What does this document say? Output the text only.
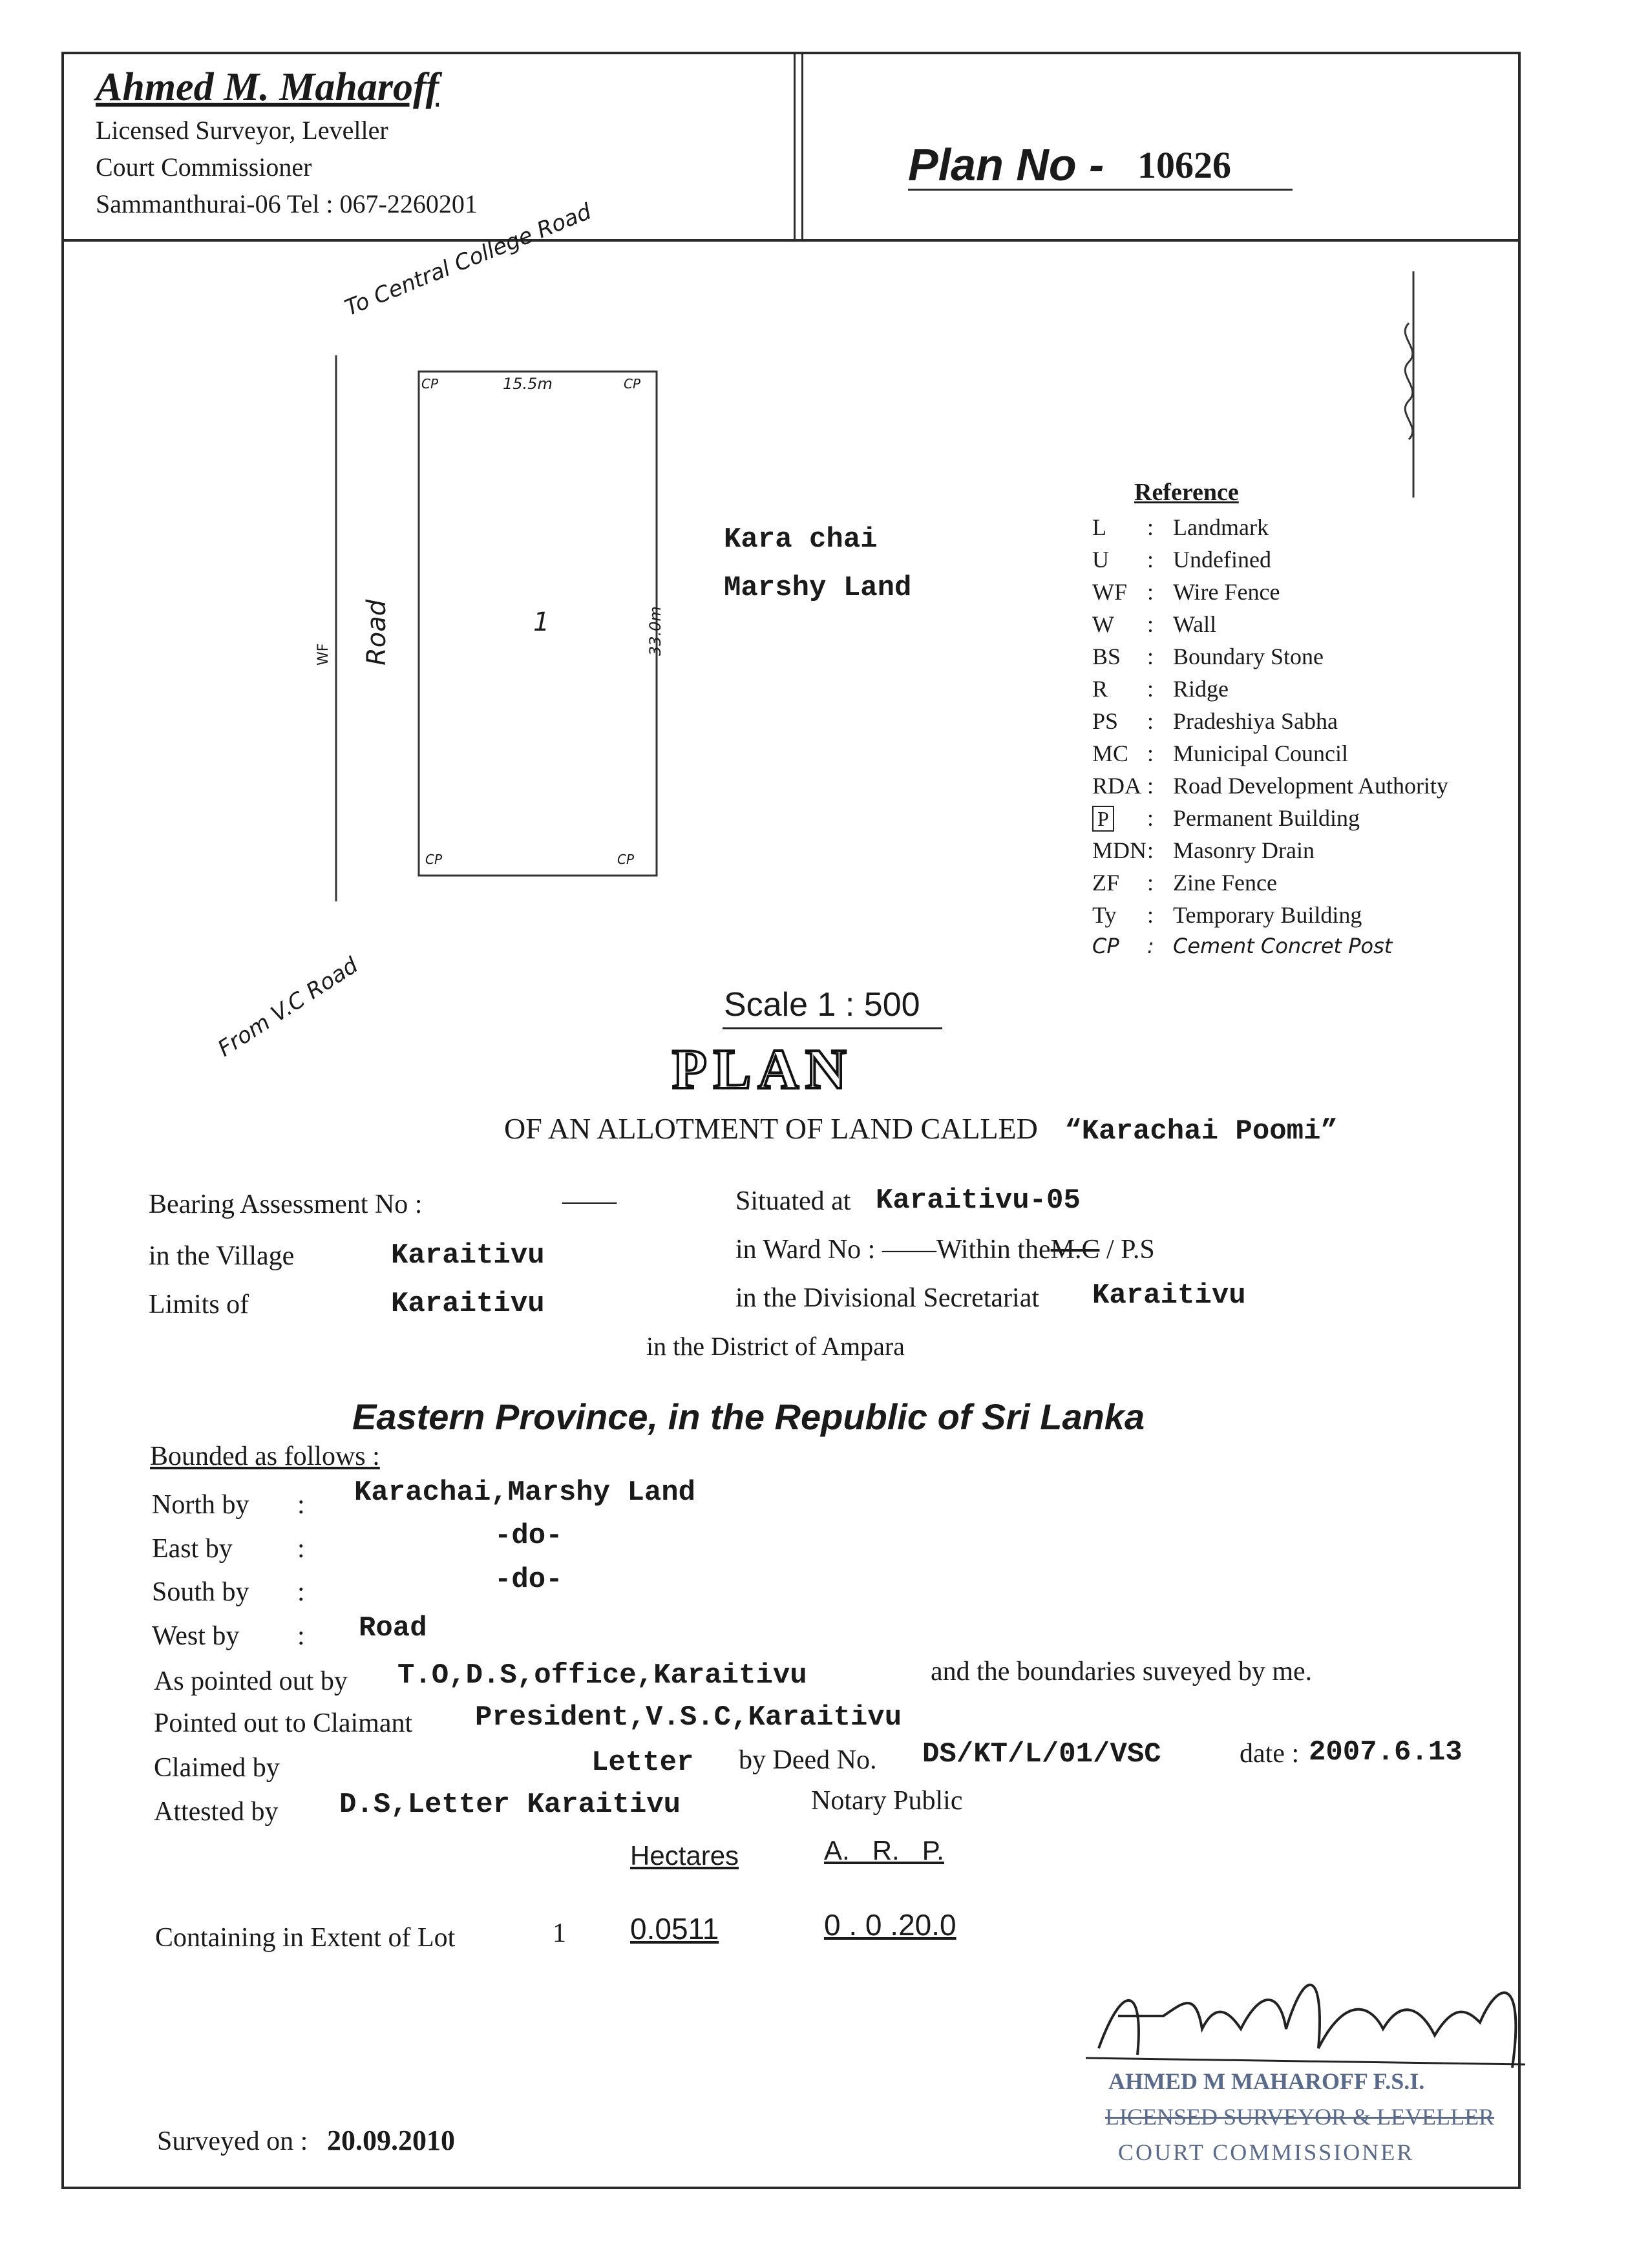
Ahmed M. Maharoff
Licensed Surveyor, Leveller
Court Commissioner
Sammanthurai-06 Tel : 067-2260201
Plan No - 10626
To Central College Road
From V.C Road
Road
WF
15.5m
33.0m
1
CP	CP
CP	CP
Kara chai
Marshy Land
Reference
L : Landmark
U : Undefined
WF : Wire Fence
W : Wall
BS : Boundary Stone
R : Ridge
PS : Pradeshiya Sabha
MC : Municipal Council
RDA : Road Development Authority
P : Permanent Building
MDN: Masonry Drain
ZF : Zine Fence
Ty : Temporary Building
CP : Cement Concret Post
Scale 1 : 500
PLAN
OF AN ALLOTMENT OF LAND CALLED “Karachai Poomi”
Bearing Assessment No :	——
in the Village	Karaitivu
Limits of	Karaitivu
Situated at Karaitivu-05
in Ward No : ——Within theM.C / P.S
in the Divisional Secretariat Karaitivu
in the District of Ampara
Eastern Province, in the Republic of Sri Lanka
Bounded as follows :
North by : Karachai,Marshy Land
East by :	-do-
South by :	-do-
West by : Road
As pointed out by T.O,D.S,office,Karaitivu	and the boundaries suveyed by me.
Pointed out to Claimant President,V.S.C,Karaitivu
Claimed by	Letter by Deed No. DS/KT/L/01/VSC	date : 2007.6.13
Attested by D.S,Letter Karaitivu	Notary Public
Hectares	A.   R.   P.
Containing in Extent of Lot	1 0.0511	0 . 0 .20.0
AHMED M MAHAROFF F.S.I.
LICENSED SURVEYOR & LEVELLER
COURT COMMISSIONER
Surveyed on : 20.09.2010
